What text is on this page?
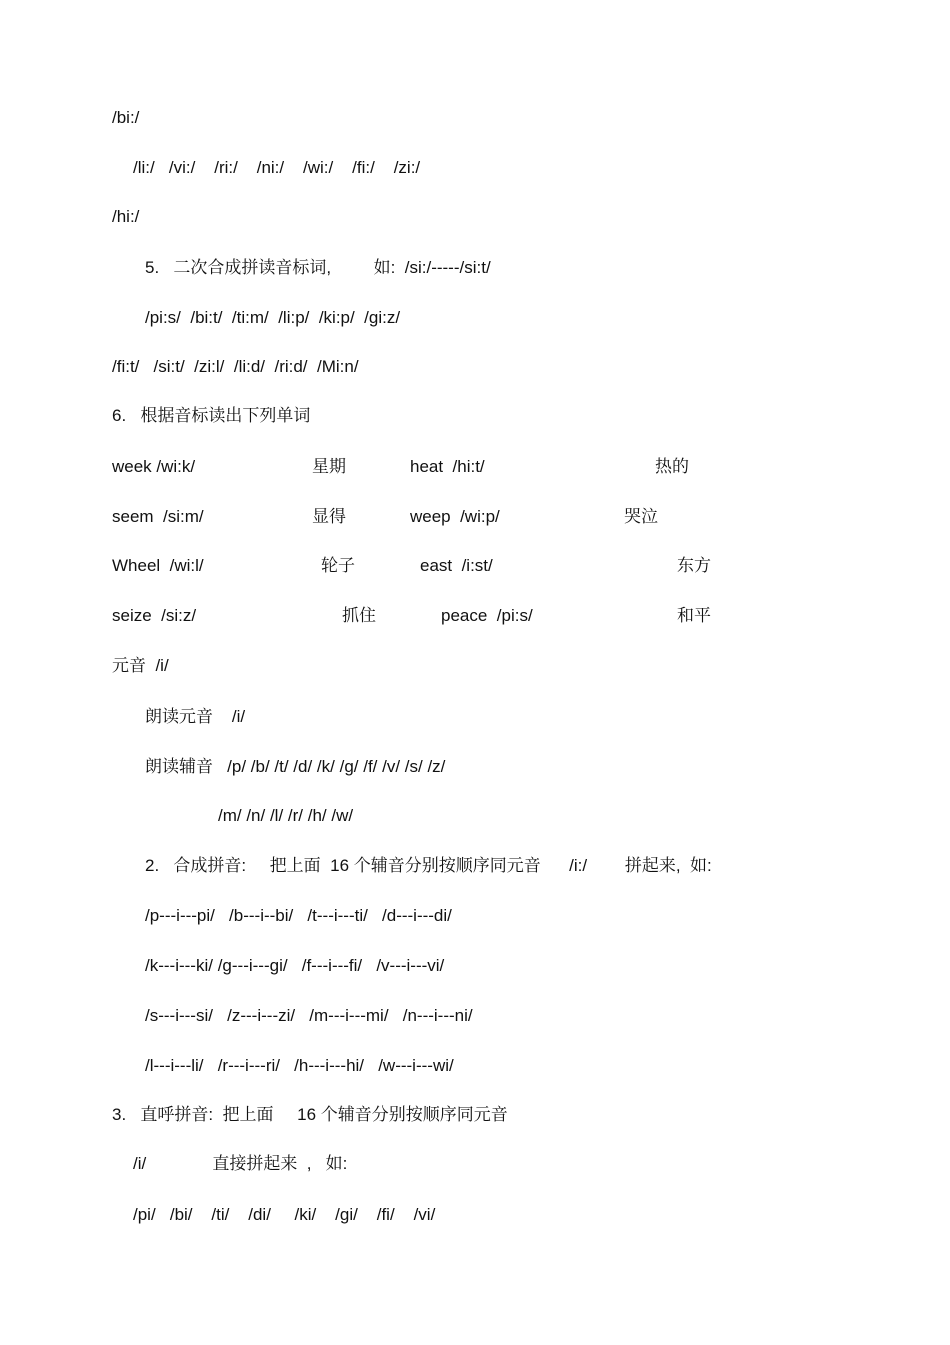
/bi:/
/li:/   /vi:/    /ri:/    /ni:/    /wi:/    /fi:/    /zi:/
/hi:/
5.   二次合成拼读音标词,         如:  /si:/-----/si:t/
/pi:s/  /bi:t/  /ti:m/  /li:p/  /ki:p/  /gi:z/
/fi:t/   /si:t/  /zi:l/  /li:d/  /ri:d/  /Mi:n/
6.   根据音标读出下列单词
week /wi:k/	星期	heat  /hi:t/	热的
seem  /si:m/	显得	weep  /wi:p/	哭泣
Wheel  /wi:l/	轮子	east  /i:st/	东方
seize  /si:z/	抓住	peace  /pi:s/	和平
元音  /i/
朗读元音    /i/
朗读辅音   /p/ /b/ /t/ /d/ /k/ /g/ /f/ /v/ /s/ /z/
/m/ /n/ /l/ /r/ /h/ /w/
2.   合成拼音:     把上面  16 个辅音分别按顺序同元音      /i:/        拼起来,  如:
/p---i---pi/   /b---i--bi/   /t---i---ti/   /d---i---di/
/k---i---ki/ /g---i---gi/   /f---i---fi/   /v---i---vi/
/s---i---si/   /z---i---zi/   /m---i---mi/   /n---i---ni/
/l---i---li/   /r---i---ri/   /h---i---hi/   /w---i---wi/
3.   直呼拼音:  把上面     16 个辅音分别按顺序同元音
/i/              直接拼起来  ,   如:
/pi/   /bi/    /ti/    /di/     /ki/    /gi/    /fi/    /vi/
